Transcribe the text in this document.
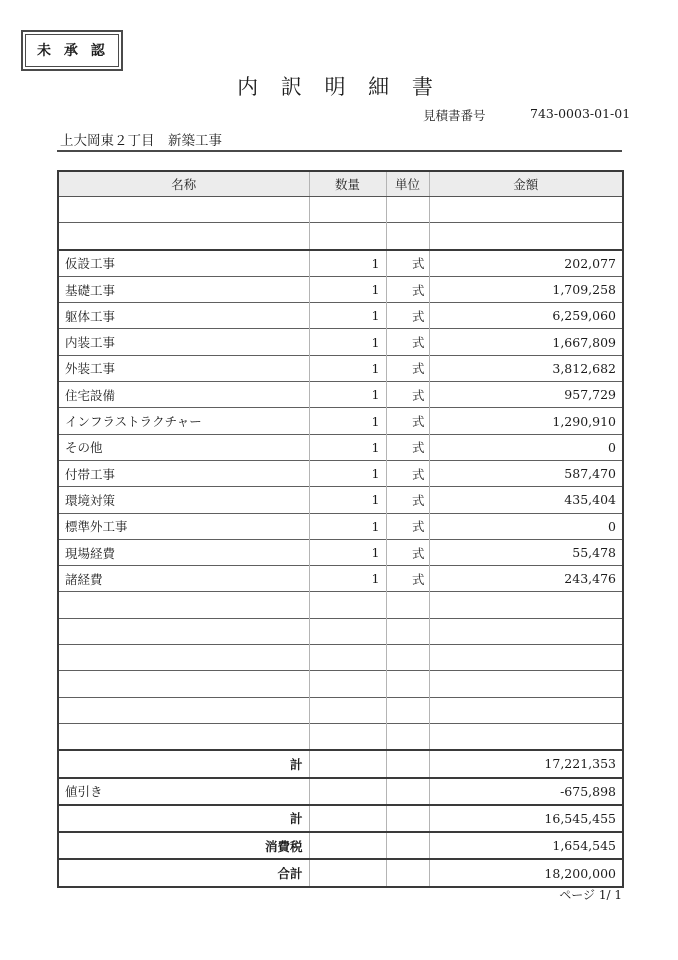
未 承 認
内 訳 明 細 書
見積書番号	743-0003-01-01
上大岡東２丁目　新築工事
名称	数量	単位	金額

仮設工事	1	式	202,077
基礎工事	1	式	1,709,258
躯体工事	1	式	6,259,060
内装工事	1	式	1,667,809
外装工事	1	式	3,812,682
住宅設備	1	式	957,729
インフラストラクチャー	1	式	1,290,910
その他	1	式	0
付帯工事	1	式	587,470
環境対策	1	式	435,404
標準外工事	1	式	0
現場経費	1	式	55,478
諸経費	1	式	243,476

計			17,221,353
値引き			-675,898
計			16,545,455
消費税			1,654,545
合計			18,200,000
ページ 1/ 1
